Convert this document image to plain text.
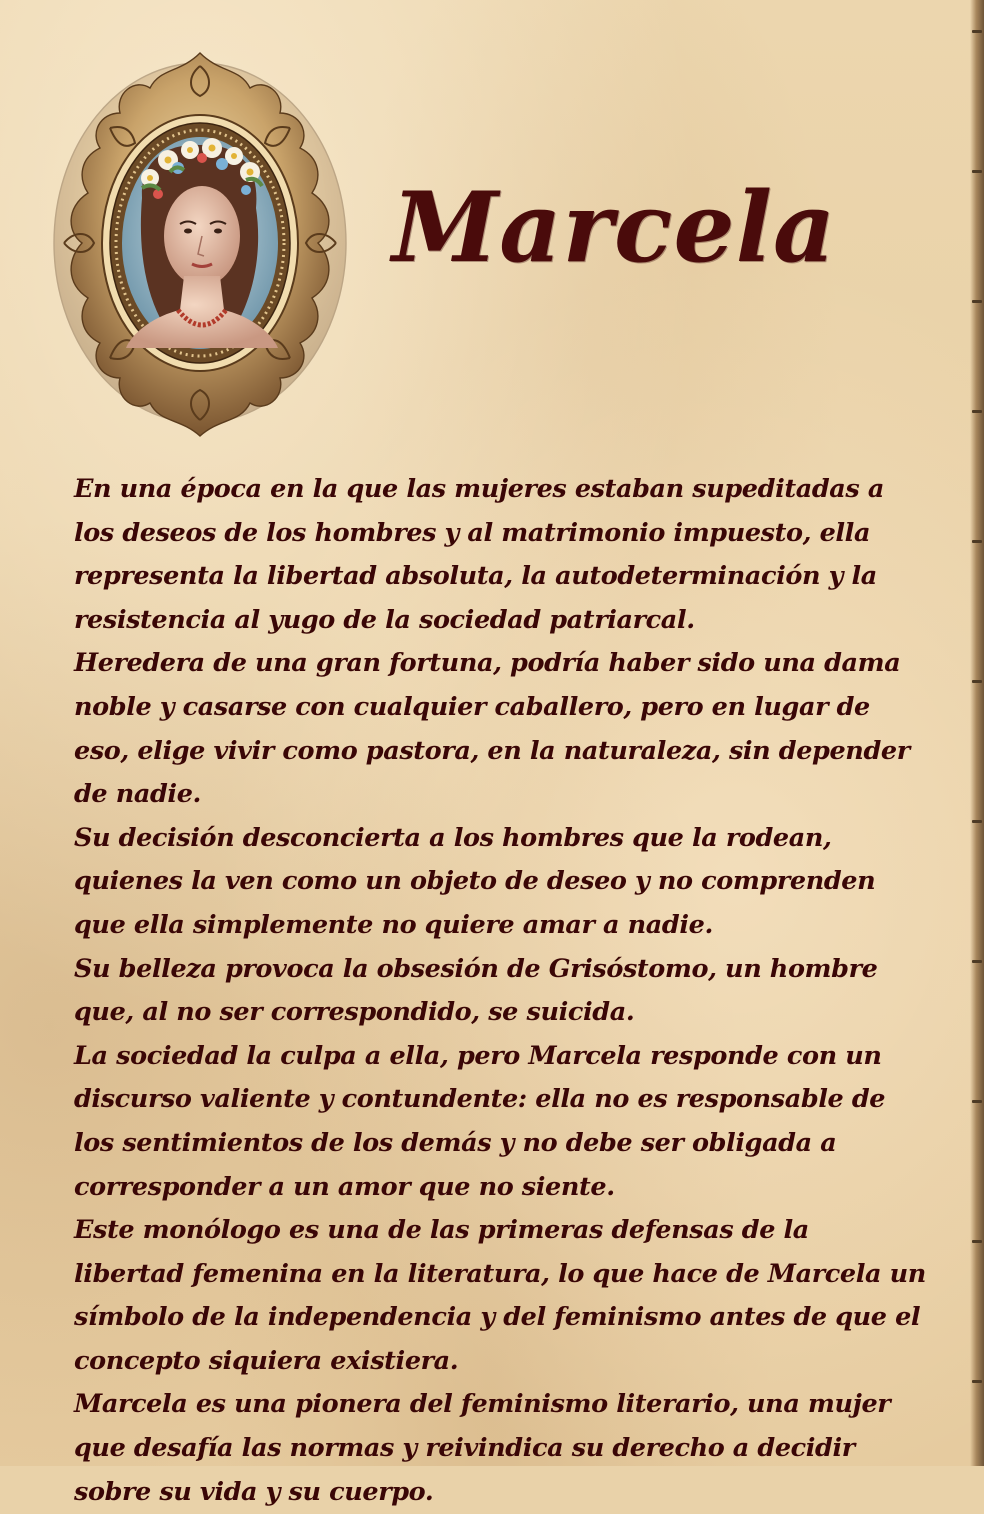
Marcela

En una época en la que las mujeres estaban supeditadas a los deseos de los hombres y al matrimonio impuesto, ella representa la libertad absoluta, la autodeterminación y la resistencia al yugo de la sociedad patriarcal.

Heredera de una gran fortuna, podría haber sido una dama noble y casarse con cualquier caballero, pero en lugar de eso, elige vivir como pastora, en la naturaleza, sin depender de nadie.

Su decisión desconcierta a los hombres que la rodean, quienes la ven como un objeto de deseo y no comprenden que ella simplemente no quiere amar a nadie.

Su belleza provoca la obsesión de Grisóstomo, un hombre que, al no ser correspondido, se suicida.

La sociedad la culpa a ella, pero Marcela responde con un discurso valiente y contundente: ella no es responsable de los sentimientos de los demás y no debe ser obligada a corresponder a un amor que no siente.

Este monólogo es una de las primeras defensas de la libertad femenina en la literatura, lo que hace de Marcela un símbolo de la independencia y del feminismo antes de que el concepto siquiera existiera.

Marcela es una pionera del feminismo literario, una mujer que desafía las normas y reivindica su derecho a decidir sobre su vida y su cuerpo.
